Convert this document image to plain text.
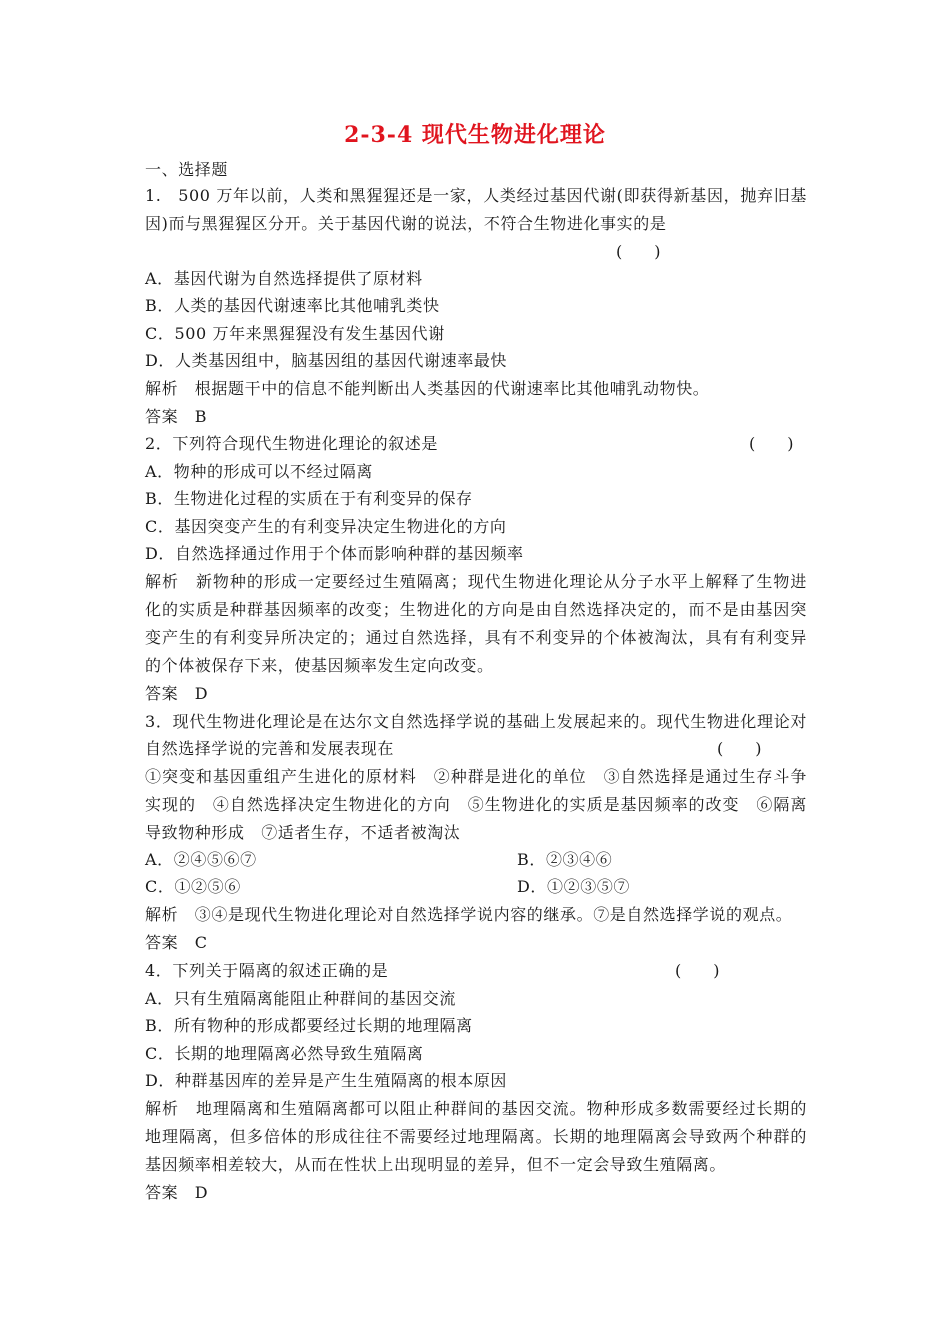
2-3-4 现代生物进化理论
一、选择题
1.　500 万年以前，人类和黑猩猩还是一家，人类经过基因代谢(即获得新基因，抛弃旧基
因)而与黑猩猩区分开。关于基因代谢的说法，不符合生物进化事实的是
(　　)
A．基因代谢为自然选择提供了原材料
B．人类的基因代谢速率比其他哺乳类快
C．500 万年来黑猩猩没有发生基因代谢
D．人类基因组中，脑基因组的基因代谢速率最快
解析　根据题干中的信息不能判断出人类基因的代谢速率比其他哺乳动物快。
答案　B
2．下列符合现代生物进化理论的叙述是	(　　)
A．物种的形成可以不经过隔离
B．生物进化过程的实质在于有利变异的保存
C．基因突变产生的有利变异决定生物进化的方向
D．自然选择通过作用于个体而影响种群的基因频率
解析　新物种的形成一定要经过生殖隔离；现代生物进化理论从分子水平上解释了生物进
化的实质是种群基因频率的改变；生物进化的方向是由自然选择决定的，而不是由基因突
变产生的有利变异所决定的；通过自然选择，具有不利变异的个体被淘汰，具有有利变异
的个体被保存下来，使基因频率发生定向改变。
答案　D
3．现代生物进化理论是在达尔文自然选择学说的基础上发展起来的。现代生物进化理论对
自然选择学说的完善和发展表现在	(　　)
①突变和基因重组产生进化的原材料　②种群是进化的单位　③自然选择是通过生存斗争
实现的　④自然选择决定生物进化的方向　⑤生物进化的实质是基因频率的改变　⑥隔离
导致物种形成　⑦适者生存，不适者被淘汰
A．②④⑤⑥⑦	B．②③④⑥
C．①②⑤⑥	D．①②③⑤⑦
解析　③④是现代生物进化理论对自然选择学说内容的继承。⑦是自然选择学说的观点。
答案　C
4．下列关于隔离的叙述正确的是	(　　)
A．只有生殖隔离能阻止种群间的基因交流
B．所有物种的形成都要经过长期的地理隔离
C．长期的地理隔离必然导致生殖隔离
D．种群基因库的差异是产生生殖隔离的根本原因
解析　地理隔离和生殖隔离都可以阻止种群间的基因交流。物种形成多数需要经过长期的
地理隔离，但多倍体的形成往往不需要经过地理隔离。长期的地理隔离会导致两个种群的
基因频率相差较大，从而在性状上出现明显的差异，但不一定会导致生殖隔离。
答案　D
